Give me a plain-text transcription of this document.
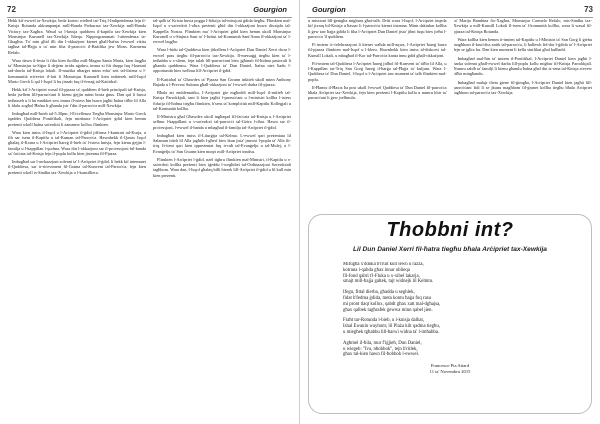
72	Gourgion

Hekk kif ewwel ta-Xewkija, beda korteo wieħed tat-Triq l-Indipendenza lejn il-Knisja Rotunda akkumpanjat mill-Banda Prekursur tax-Xewkija mill-Banda Victory tax-Xagħra. Wasal sa l-knisja quddiem il-kapitlu tax-Xewkija kien Monsinjur Kurunell tax-Xewkija ħlieqa. Nipprogrammati l-attendenza ta-Ghagħta. Ta' min għid illi din l-okkażjoni kienet għall-ħafna l-ewwel viżita tagħna tal-Ħajja u ta' min fiha il-parroċċi il-Bażilika jew Mons. Karmenu Refalo.

Wara dawn il-festa li fiha kien ikollha mill-Magna Santa Maria, kien laqgħa ta' Monsinjur ta-Siġar li dejjem irridu nġabru, imma xi ftit daqqa fuq l-kuntatt tad-dawla tal-Knisja lokali. Il-mużika nħarġet minn erba' sett tal-ilsiena u l-kommunità rriċeviet il-fatt li Monsinjur Kurunell kien imbierek mill-Isqof Mario Grech li qal l-Isqof li hu jinsab fuq il-ferraġ tal-Kattidral.

Hekk kif l-Arċipriet wasal fil-pjazza ta' quddiem il-bieb prinċipali tal-Knisja, beda jsellem lill-parruċċani li kienu ġejjin minn bosta ġnus. Dan qal li huwa imħasseb u li hu mnikket sew imma fl-istess ħin huwa jagħti ħafna tifħir lil Alla li fdalu xogħol Ħafna li għandu jsir f'din il-parroċċa mill-Xewkija.

Imbagħad mill-ħsieb tal-5.30pm, l-Eċċellenza Tiegħu Monsinjur Mario Grech iqaddes Quddiesa Pontifikali, fejn minbarra l-Arċipriet ġdid kien hemm preżenti wkoll ħafna saċerdoti li żammew kollox flimkien.

Wara kien imiss il-Isqof u l-Arċipriet il-ġdid jiffirma l-kuntratt tal-Kurja, u fih sar isem il-Kapitlu u tal-Kuman tal-Parroċċa. Hawnhekk il-Qassis Isqof għalaq il-Kxina u l-Arċipriet ħareġ il-bieb ta' l-istess knisja, fejn kienu ġejjin l-familja u l-kappillan l-qodma. Wara din l-okkażjoni sar il-proċessjoni bil-banda sa' faċċata tal-Knisja fejn il-poplu kollu kien jistenna fil-Pjazza.

Imbagħad sar l-awkazzjoni solenni ta' l-Arċipriet il-ġdid, li hekk kif intemmet il-Quddiesa, sar ir-riċeviment fil-Ġonna tal-Kunvent tal-Parroċċa, fejn kien preżenti wkoll is-Sindku tax-Xewkija u l-kunsilliera.

tal-qalb ta' Kristu huwa pogga l-fiduċja tal-missjoni ġdida tiegħu. Flimkien mal-Isqof u s-saċerdoti l-oħra preżenti għid din l-okkażjoni huwa dixxiplu tal-Kappella Nostra. Flimkien ma' l-Arċipriet ġdid kien hemm ukoll Monsinjur Kurunell u s-Sinjura Sant ta' l-Istitut tal-Komunità Sant'Anna fl-okkażjoni ta' l-ewwel laqgħa.

Wara l-bidu tal-Quddiesa kien jitkellem l-Arċipriet Dun Daniel Xerri dwar l-ewwel pass tiegħu fil-parroċċa tax-Xewkija. Il-messaġġ tiegħu kien ta' l-imħabba u s-sliem, fejn talab lill-parruċċani biex jgħinuh fil-ħidma pastorali li għandu quddiemu. Wara l-Quddiesa ta' Dun Daniel, ħafna nies ħadu l-opportunità biex isellmu lill-Arċipriet il-ġdid.

Il-Kattidral ta' Għawdex ta' Pjazza San Ġwann inkiteb ukoll minn Anthony Bajada u l-Prevost Sultana għall-okkażjoni ta' l-ewwel darba fil-pjazza.

Bħala att emblematiku, l-Arċipriet ġie mgħoddi mill-Isqof il-mifteħ tal-Knisja Parrokkjali, tant li kien jagħti l-parruċċani u l-ministri kollha l-istess fiduċja fil-ħidma tiegħu flimkien, b'sens ta' kompliċità mill-Kapitlu Kollegjali u tal-Komunità kollha.

Il-Ministru għal Għawdex ukoll ingħaqad fil-faċċata tal-Knisja u l-Arċipriet sellmu l-kappillani u s-saċerdoti tal-parroċċi tal-Gżira l-oħra. Hawn sar il-proċessjoni, l-ewwel il-banda u mbagħad il-familja tal-Arċipriet il-ġdid.

Imbagħad kien imiss il-Liturġija tal-Kelma. L-ewwel qari preżentata lil Salamun ittieb lil Alla jagħtih l-għerf biex ikun jista' jmexxi l-poplu ta' Alla fit-triq. It-tieni qari kien ippreżentat fuq ir-ruħ tal-Evanġelju u tal-Mulej, u l-Evanġelju ta' San Ġwann kien moqri mill-Arċipriet innifsu.

Flimkien l-Arċipriet l-ġdid, nżel tiġbru flimkien mal-Ministri, il-Kapitlu u s-saċerdoti kollha preżenti biex iġeddu l-wegħdiet tal-Ordinazzjoni Saċerdotali tagħhom. Wara dan, l-Isqof għalaq billi bierek lill-Arċipriet il-ġdid u lil kull min kien preżenti.

Gourgion	73

u missioni lill-ġemgħa migbura għat-talb. Dritt wara l-Isqof, l-Arċipriet inqeda kif jixraq bil-Knisja u ħassar li l-parroċċa kienet tistenna. Minn dakinhar kollha li ġew taw ħajja ġdida li fiha l-Arċipriet Dun Daniel jista' jibni fuqu biex jieħu l-parroċċa 'il quddiem.

Fi tmiem iċ-ċelebrazzjoni li kienet waħda mill-aqwa, l-Arċipriet ħareġ barra fil-pjazza flimkien mal-Isqof u l-kleru. Hawnhekk kien imiss id-diskorsi tal-Kunsill Lokali, u mbagħad il-Kor tal-Parroċċa kanta innu ġdid għall-okkażjoni.

Fit-tmiem tal-Quddiesa l-Arċipriet ħareġ jidħol fil-Kunvent ta' tifħir lil Alla, u l-Kappillan tat-Triq San Ġorġ ħareġ il-ħarġa tal-Ħajja ta' kuljum. Wara l-Quddiesa ta' Dun Daniel, l-Isqof u l-Arċipriet taw mument ta' talb flimkien mal-poplu.

Il-Ħamis il-Ħaxix ħa post ukoll l-ewwel Quddiesa ta' Dun Daniel fil-parroċċa bħala Arċipriet tax-Xewkija, fejn kien preżenti l-Kapitlu kollu u numru kbir ta' parruċċani li ġew jsellmulu.

ta' Marija Bambina fix-Xagħra, Monsinjur Carmelo Refalo, mis-Sindku tax-Xewkija u mill-Kunsill Lokali fl-isem ta' l-komunità kollha, wara li wasal fil-pjazza tal-Knisja Rotunda.

Wara kollha kien hemm it-tmiem tal-Kapitlu u l-Ministri ta' San Ġorġ li ġiebu magħhom il-kruċifiss antik tal-parroċċa, li ħallewh fid-dar l-ġdida ta' l-Arċipriet fejn se jgħix hu. Dan kien mument li kellu sinifikat għal kulħadd.

Imbagħad mal-ħin ta' tmiem il-Pontifikal, l-Arċipriet Daniel kien jagħti l-barka solenni għall-ewwel darba lill-poplu kollu miġbur fil-Knisja Parrokkjali. Numru sabiħ ta' familji li kienu għamlu ħafna għal din is-sena tal-Knisja rċevew tifħir mingħandu.

Imbagħad malajr tlieta ġiene fil-ġimgħa, l-Arċipriet Daniel kien jagħti lill-parroċċani fidi li se jkunu magħhom fil-ġranet kollha tiegħu bħala Arċipriet tagħhom tal-parroċċa tax-Xewkija.

Thobbni int?
Lil Dun Daniel Xerri fil-ħatra tiegħu bħala Arċipriet tax-Xewkija
Mifugħa x'ddoka b'fruit kull lewn u razza,
kotrana l-qabda għax innar oblieqa
fil-fond qabri t'l-Fluka u x-xibel lakarja,
smajt mill-ħajja galtek, tajt widnejk lil Kelmtu.
Ifegu, fittal dierba, għadda u seghlek,
fidat b'fedma ġdida, meta kontu ħaġa fuq rasu
mi pront tlaqt kollox, qabdt għax xatt mal-dgħajsa,
għax qalbek tagħrafek ġewwa minn qabel jien.
Fraħt tar-Rotunda l-bieb, u l-knisja dalhat,
Ishal Ewanin wayhom; lil Plaża kilt qadma tiegħu,
u miegħek tgħabbu lill-ħarwi widna ta' l-imħabba.
Agħmel il-ħila, mur f'iġjieħ, Dun Daniel,
u wiegeb: "Iva, nħobbok", tejn b'ritlek,
għax tal-kien hawn fil-ħobbok l-ewwel.
Francesco Pia Attard
11 ta' Novembru 2015
